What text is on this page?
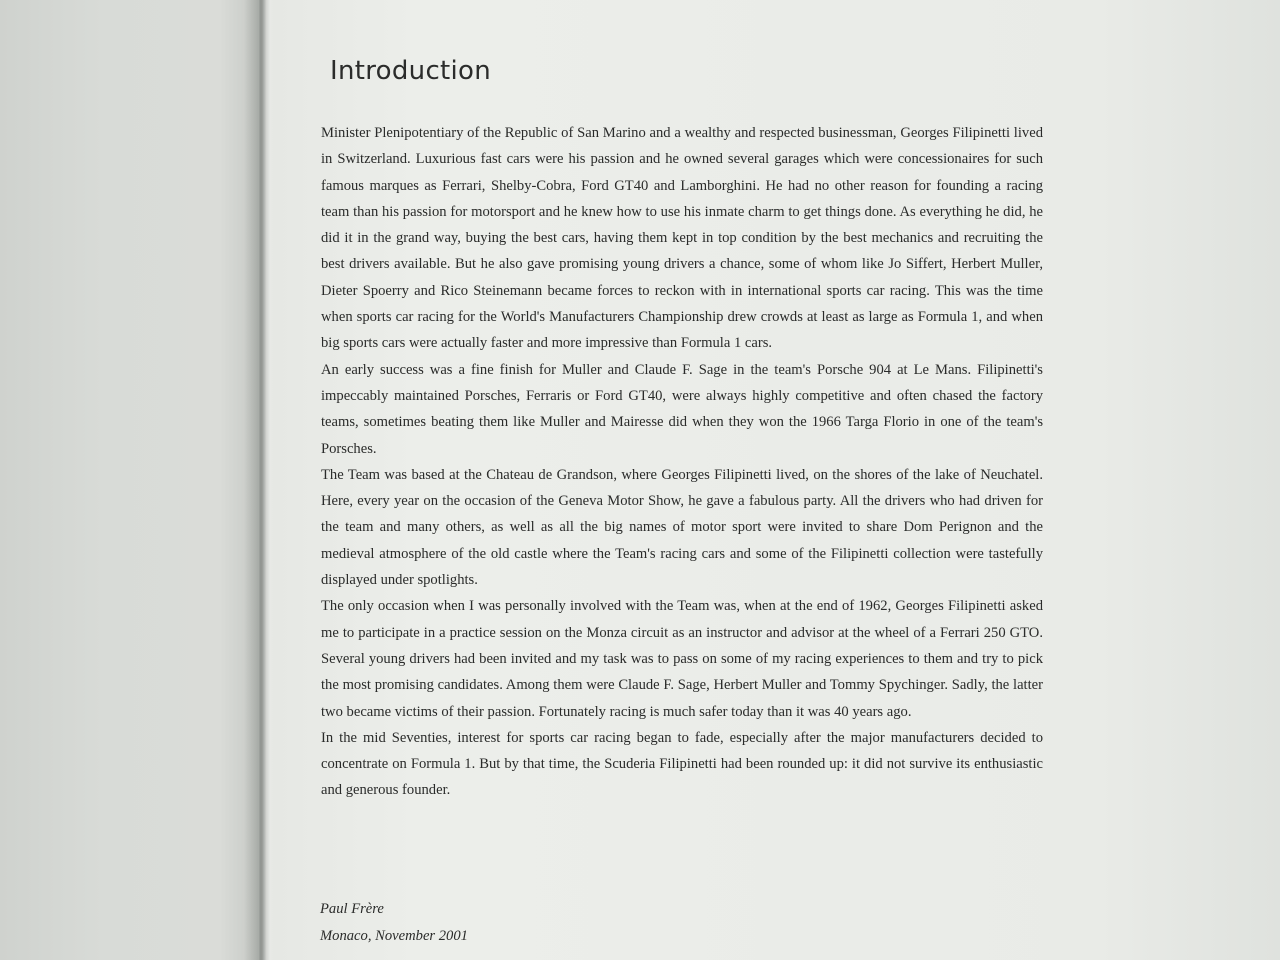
Introduction

Minister Plenipotentiary of the Republic of San Marino and a wealthy and respected businessman, Georges Filipinetti lived in Switzerland. Luxurious fast cars were his passion and he owned several garages which were concessionaires for such famous marques as Ferrari, Shelby-Cobra, Ford GT40 and Lamborghini. He had no other reason for founding a racing team than his passion for motorsport and he knew how to use his inmate charm to get things done. As everything he did, he did it in the grand way, buying the best cars, having them kept in top condition by the best mechanics and recruiting the best drivers available. But he also gave promising young drivers a chance, some of whom like Jo Siffert, Herbert Muller, Dieter Spoerry and Rico Steinemann became forces to reckon with in international sports car racing. This was the time when sports car racing for the World's Manufacturers Championship drew crowds at least as large as Formula 1, and when big sports cars were actually faster and more impressive than Formula 1 cars.

An early success was a fine finish for Muller and Claude F. Sage in the team's Porsche 904 at Le Mans. Filipinetti's impeccably maintained Porsches, Ferraris or Ford GT40, were always highly competitive and often chased the factory teams, sometimes beating them like Muller and Mairesse did when they won the 1966 Targa Florio in one of the team's Porsches.

The Team was based at the Chateau de Grandson, where Georges Filipinetti lived, on the shores of the lake of Neuchatel. Here, every year on the occasion of the Geneva Motor Show, he gave a fabulous party. All the drivers who had driven for the team and many others, as well as all the big names of motor sport were invited to share Dom Perignon and the medieval atmosphere of the old castle where the Team's racing cars and some of the Filipinetti collection were tastefully displayed under spotlights.

The only occasion when I was personally involved with the Team was, when at the end of 1962, Georges Filipinetti asked me to participate in a practice session on the Monza circuit as an instructor and advisor at the wheel of a Ferrari 250 GTO. Several young drivers had been invited and my task was to pass on some of my racing experiences to them and try to pick the most promising candidates. Among them were Claude F. Sage, Herbert Muller and Tommy Spychinger. Sadly, the latter two became victims of their passion. Fortunately racing is much safer today than it was 40 years ago.

In the mid Seventies, interest for sports car racing began to fade, especially after the major manufacturers decided to concentrate on Formula 1. But by that time, the Scuderia Filipinetti had been rounded up: it did not survive its enthusiastic and generous founder.

Paul Frère
Monaco, November 2001
